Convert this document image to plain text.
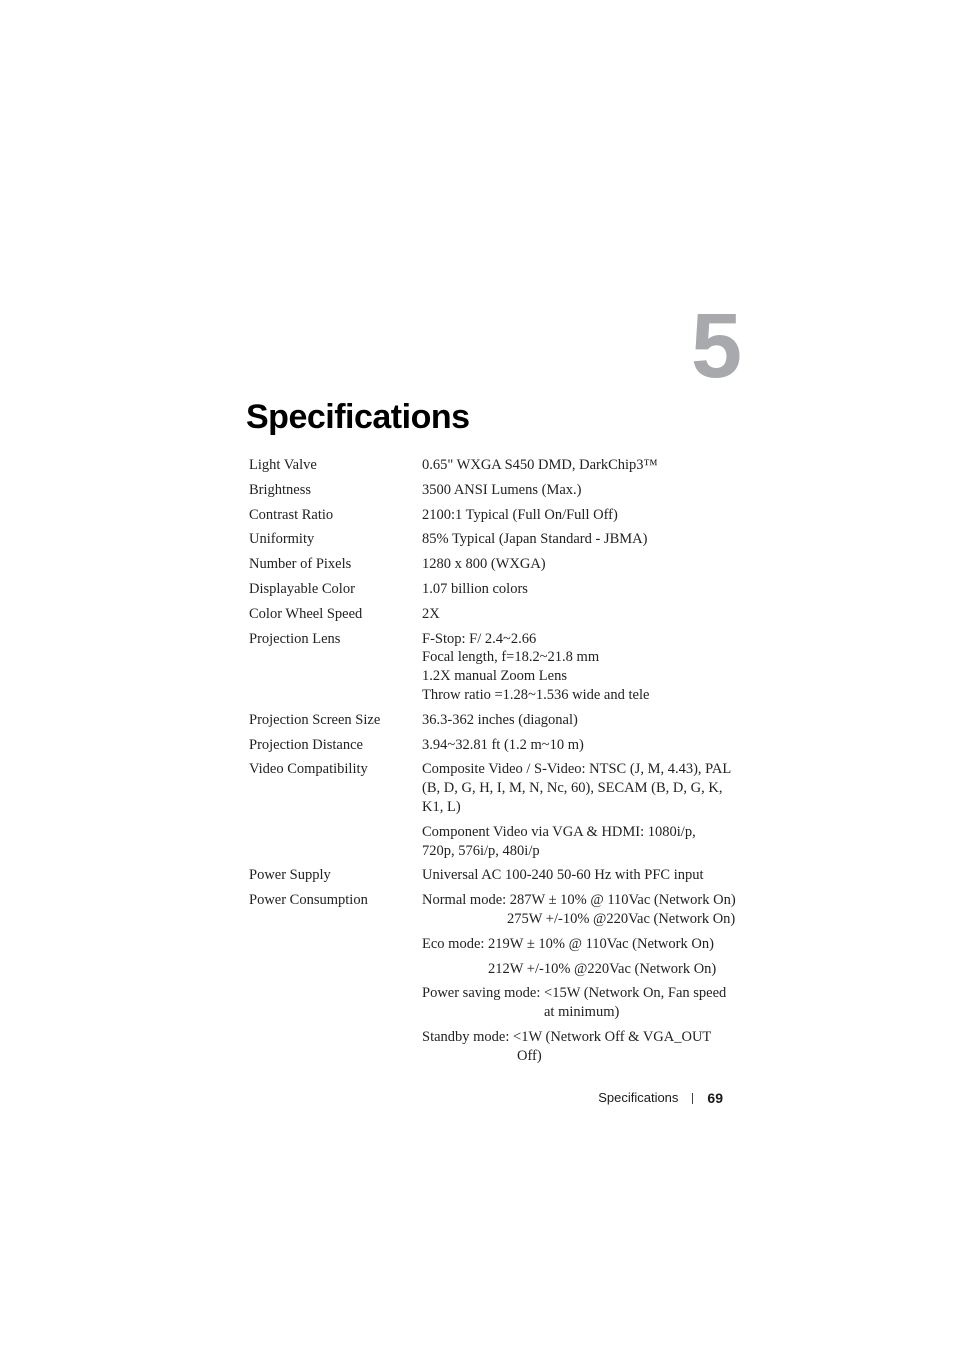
5
Specifications
Light Valve	0.65" WXGA S450 DMD, DarkChip3™
Brightness	3500 ANSI Lumens (Max.)
Contrast Ratio	2100:1 Typical (Full On/Full Off)
Uniformity	85% Typical (Japan Standard - JBMA)
Number of Pixels	1280 x 800 (WXGA)
Displayable Color	1.07 billion colors
Color Wheel Speed	2X
Projection Lens	F-Stop: F/ 2.4~2.66
Focal length, f=18.2~21.8 mm
1.2X manual Zoom Lens
Throw ratio =1.28~1.536 wide and tele
Projection Screen Size	36.3-362 inches (diagonal)
Projection Distance	3.94~32.81 ft (1.2 m~10 m)
Video Compatibility	Composite Video / S-Video: NTSC (J, M, 4.43), PAL
(B, D, G, H, I, M, N, Nc, 60), SECAM (B, D, G, K,
K1, L)
Component Video via VGA & HDMI: 1080i/p,
720p, 576i/p, 480i/p
Power Supply	Universal AC 100-240 50-60 Hz with PFC input
Power Consumption	Normal mode: 287W ± 10% @ 110Vac (Network On)
275W +/-10% @220Vac (Network On)
Eco mode: 219W ± 10% @ 110Vac (Network On)
212W +/-10% @220Vac (Network On)
Power saving mode: <15W (Network On, Fan speed
at minimum)
Standby mode: <1W (Network Off & VGA_OUT
Off)
Specifications 69
